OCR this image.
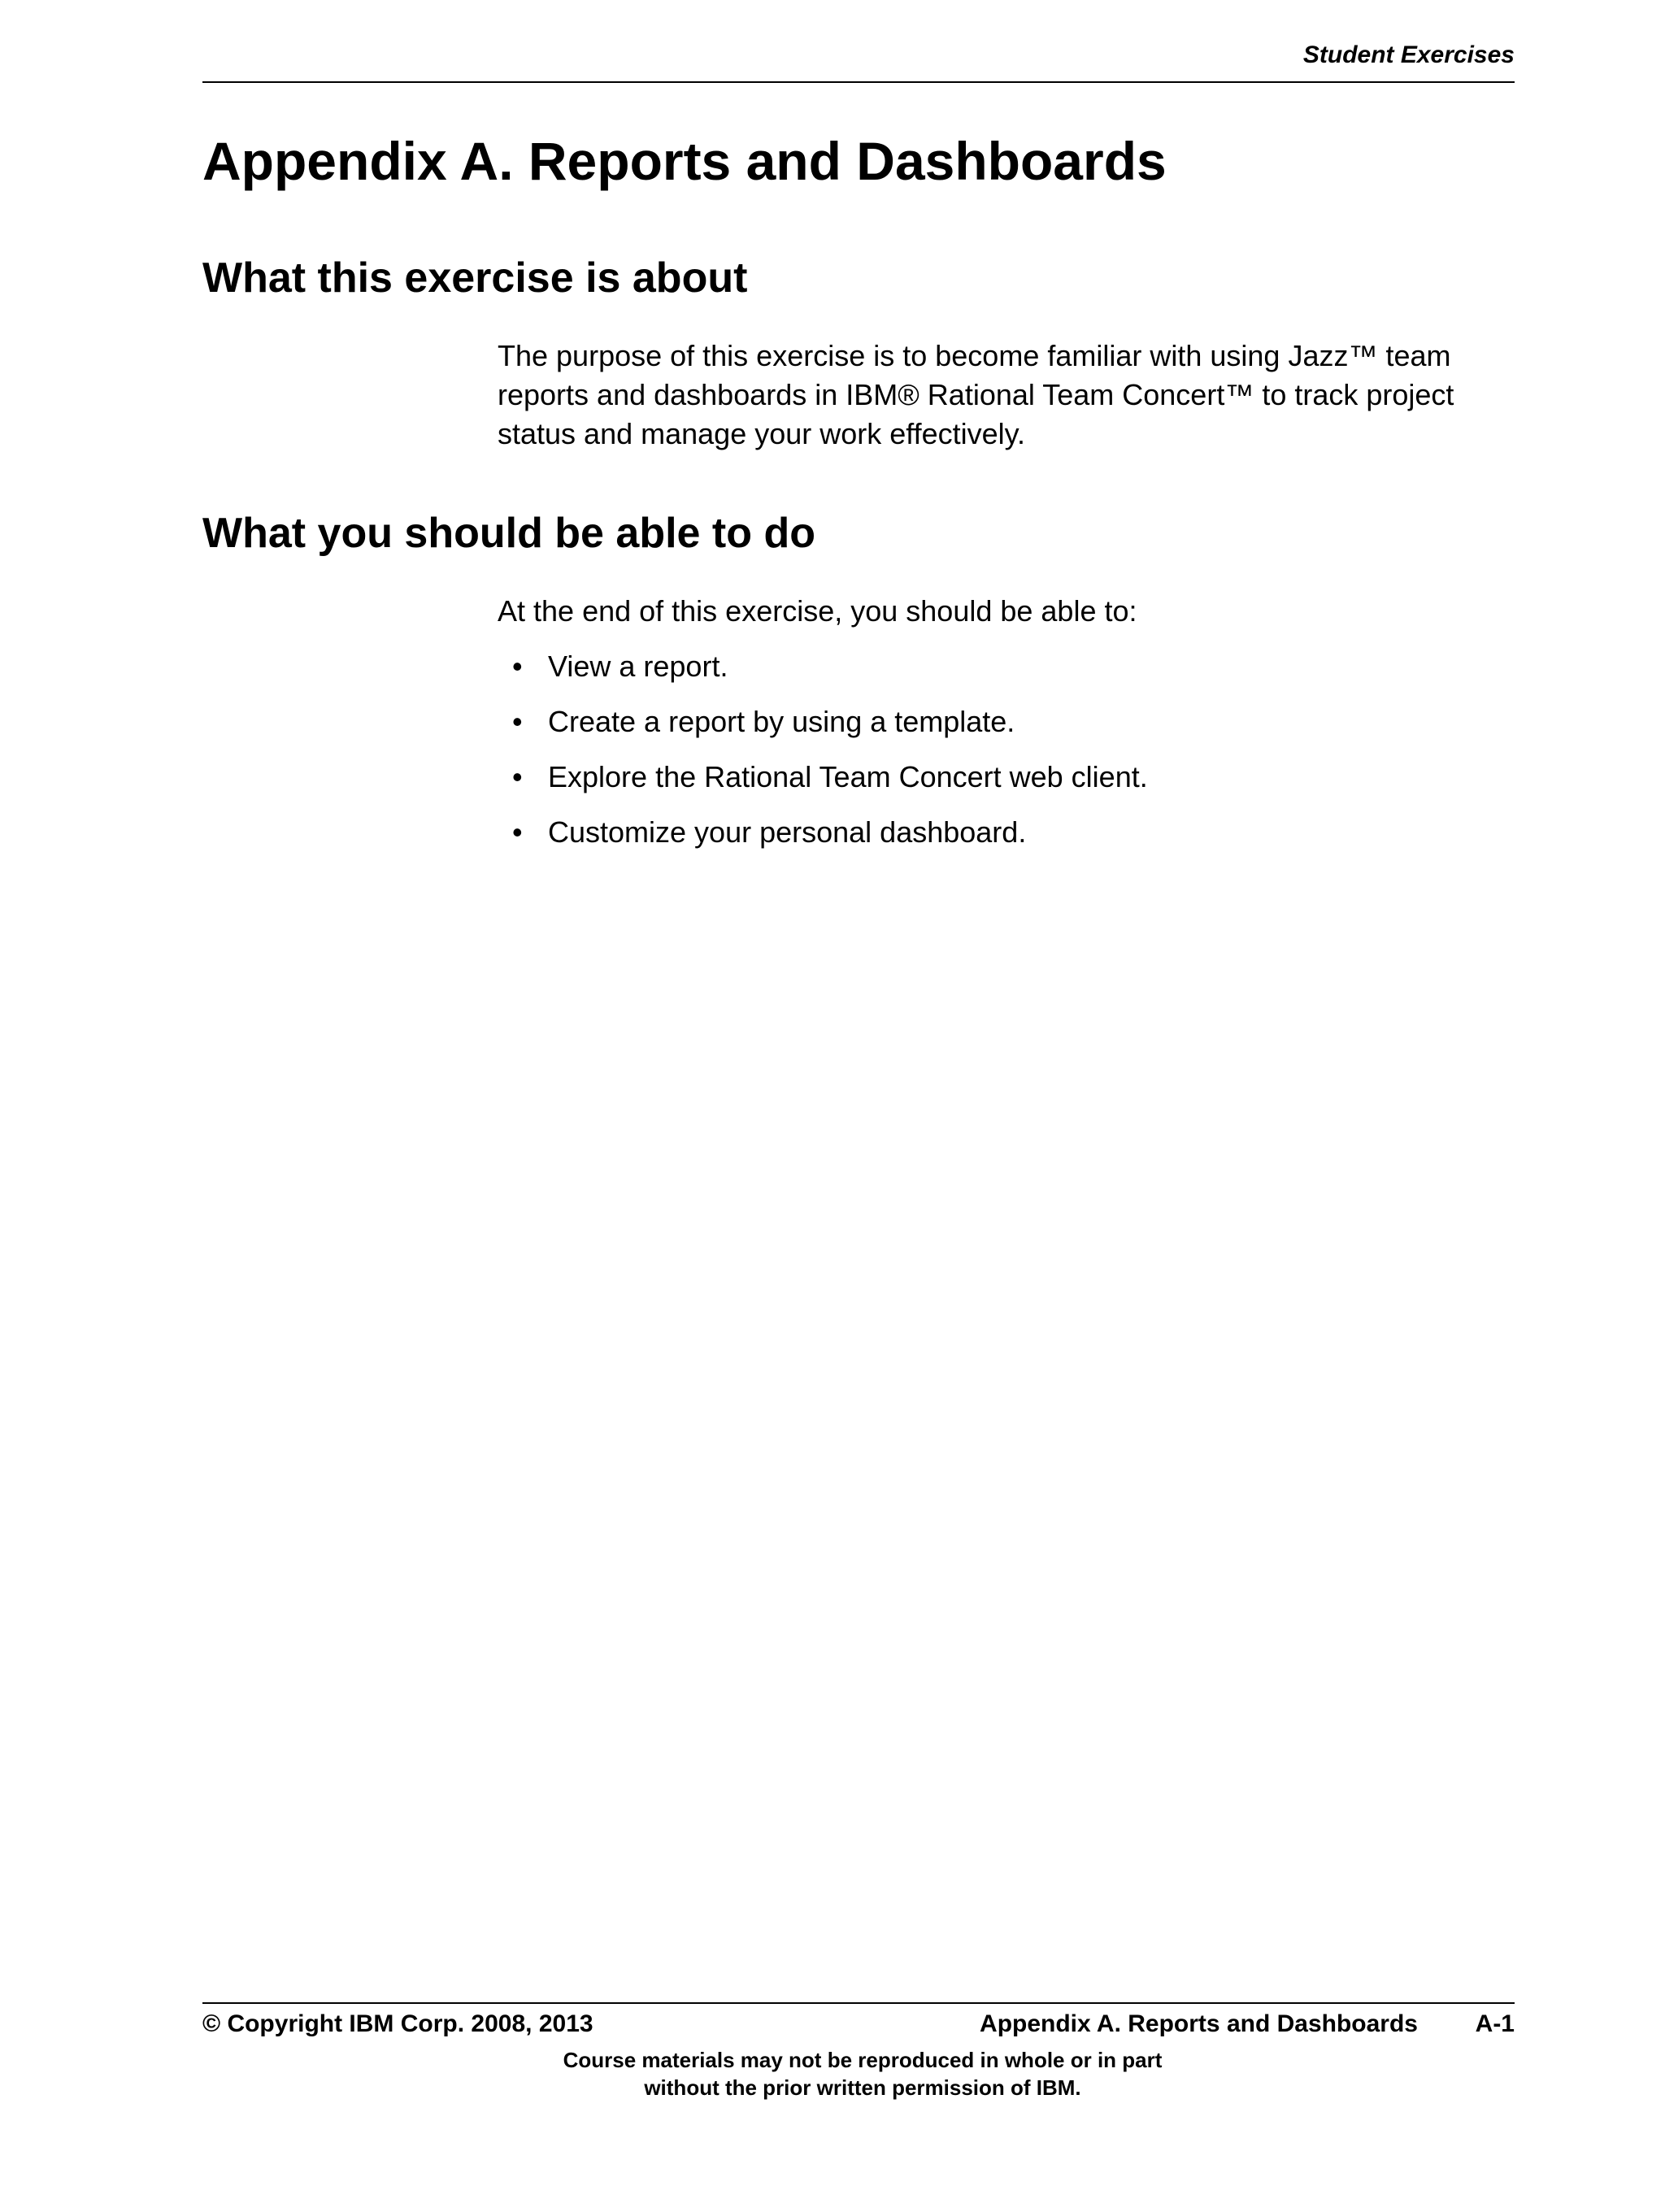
Student Exercises
Appendix A. Reports and Dashboards
What this exercise is about

The purpose of this exercise is to become familiar with using Jazz™ team reports and dashboards in IBM® Rational Team Concert™ to track project status and manage your work effectively.

What you should be able to do

At the end of this exercise, you should be able to:

• View a report.
• Create a report by using a template.
• Explore the Rational Team Concert web client.
• Customize your personal dashboard.
© Copyright IBM Corp. 2008, 2013	Appendix A. Reports and Dashboards A-1
Course materials may not be reproduced in whole or in part
without the prior written permission of IBM.
